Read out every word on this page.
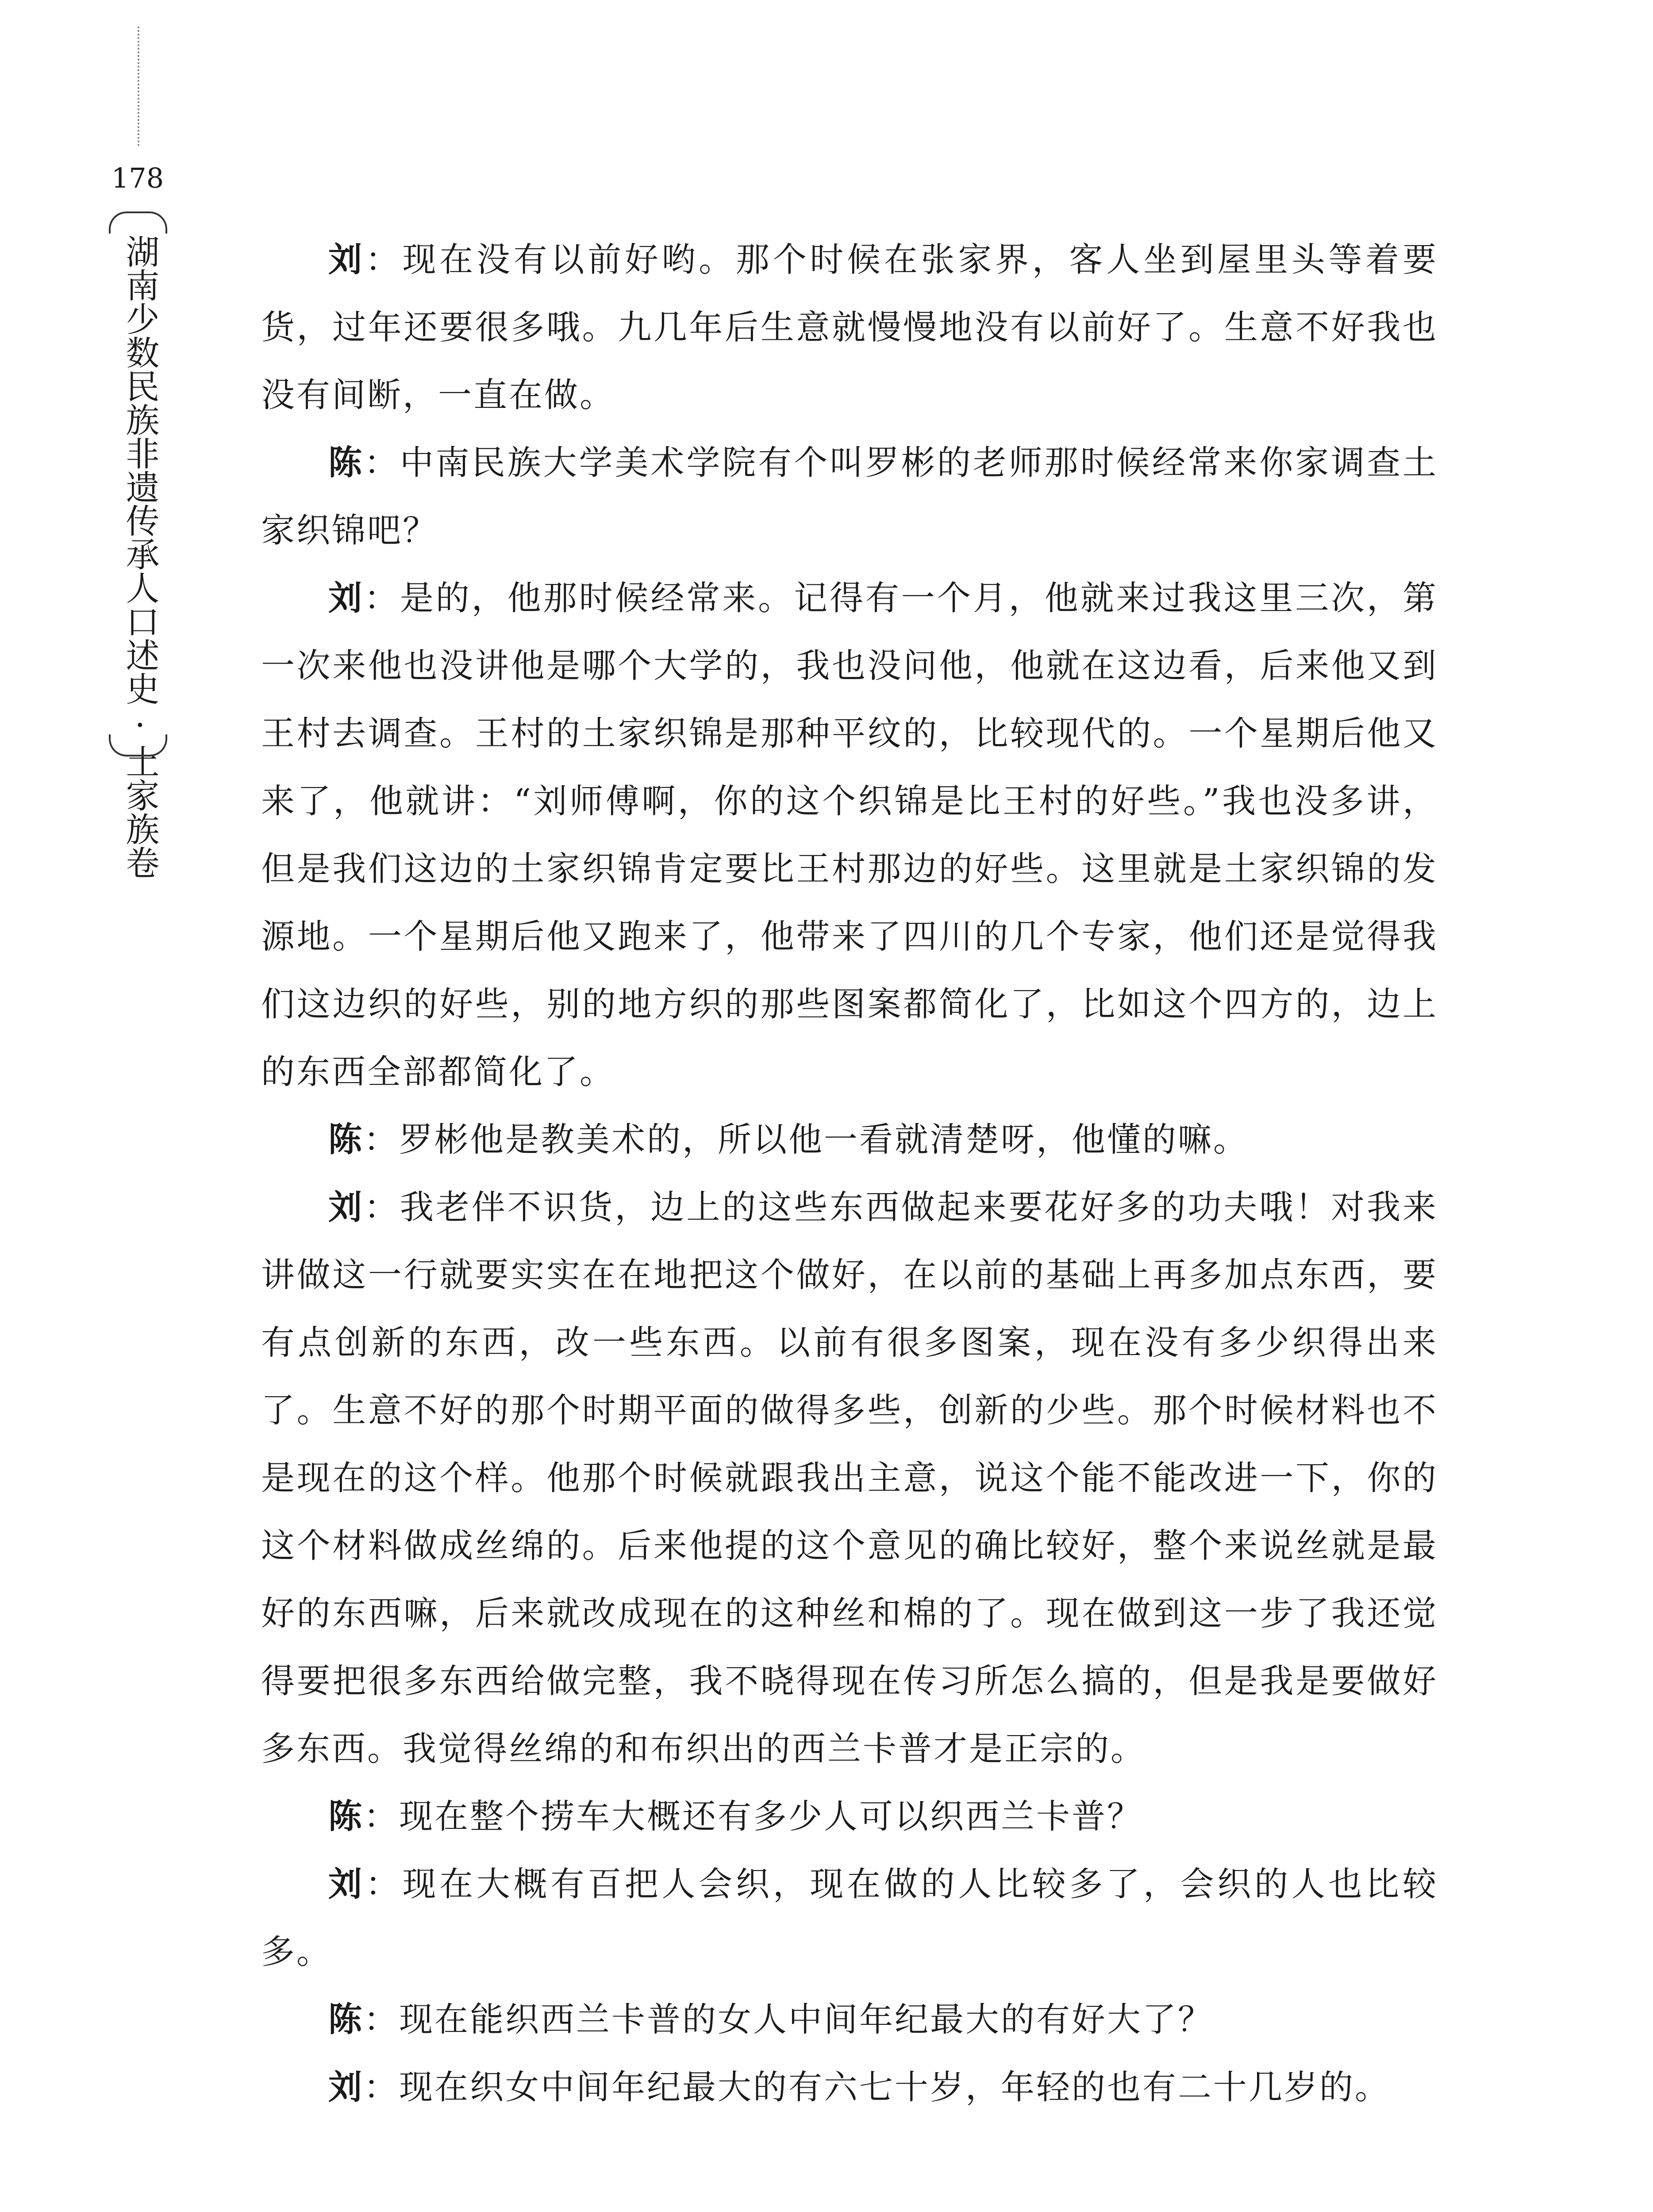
178
湖南少数民族非遗传承人口述史·土家族卷	刘：现在没有以前好哟。那个时候在张家界，客人坐到屋里头等着要货，过年还要很多哦。九几年后生意就慢慢地没有以前好了。生意不好我也没有间断，一直在做。

陈：中南民族大学美术学院有个叫罗彬的老师那时候经常来你家调查土家织锦吧？

刘：是的，他那时候经常来。记得有一个月，他就来过我这里三次，第一次来他也没讲他是哪个大学的，我也没问他，他就在这边看，后来他又到王村去调查。王村的土家织锦是那种平纹的，比较现代的。一个星期后他又来了，他就讲：“刘师傅啊，你的这个织锦是比王村的好些。”我也没多讲，但是我们这边的土家织锦肯定要比王村那边的好些。这里就是土家织锦的发源地。一个星期后他又跑来了，他带来了四川的几个专家，他们还是觉得我们这边织的好些，别的地方织的那些图案都简化了，比如这个四方的，边上的东西全部都简化了。

陈：罗彬他是教美术的，所以他一看就清楚呀，他懂的嘛。

刘：我老伴不识货，边上的这些东西做起来要花好多的功夫哦！对我来讲做这一行就要实实在在地把这个做好，在以前的基础上再多加点东西，要有点创新的东西，改一些东西。以前有很多图案，现在没有多少织得出来了。生意不好的那个时期平面的做得多些，创新的少些。那个时候材料也不是现在的这个样。他那个时候就跟我出主意，说这个能不能改进一下，你的这个材料做成丝绵的。后来他提的这个意见的确比较好，整个来说丝就是最好的东西嘛，后来就改成现在的这种丝和棉的了。现在做到这一步了我还觉得要把很多东西给做完整，我不晓得现在传习所怎么搞的，但是我是要做好多东西。我觉得丝绵的和布织出的西兰卡普才是正宗的。

陈：现在整个捞车大概还有多少人可以织西兰卡普？

刘：现在大概有百把人会织，现在做的人比较多了，会织的人也比较多。

陈：现在能织西兰卡普的女人中间年纪最大的有好大了？

刘：现在织女中间年纪最大的有六七十岁，年轻的也有二十几岁的。
